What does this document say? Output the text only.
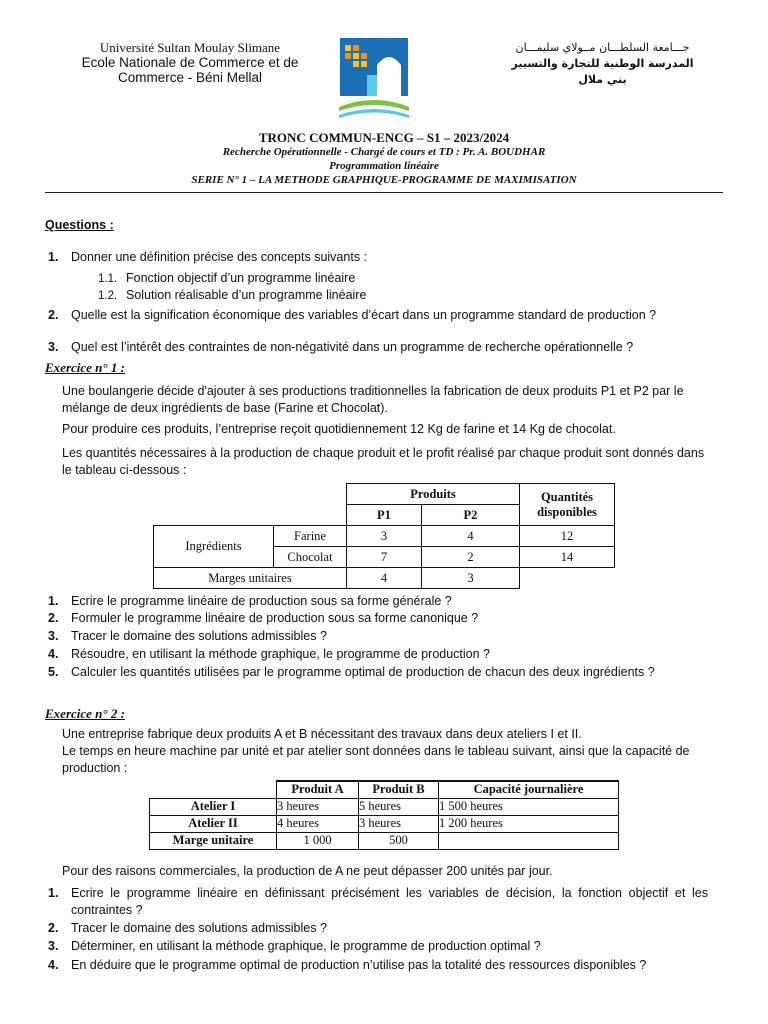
Université Sultan Moulay Slimane
Ecole Nationale de Commerce et de
Commerce - Béni Mellal
جـــامعة السلطـــان مــولاي سليمـــان
المدرسة الوطنية للتجارة والتسيير
بني ملال
TRONC COMMUN-ENCG – S1 – 2023/2024
Recherche Opérationnelle - Chargé de cours et TD : Pr. A. BOUDHAR
Programmation linéaire
SERIE N° 1 – LA METHODE GRAPHIQUE-PROGRAMME DE MAXIMISATION
Questions :
1. Donner une définition précise des concepts suivants :
1.1. Fonction objectif d’un programme linéaire
1.2. Solution réalisable d’un programme linéaire
2. Quelle est la signification économique des variables d’écart dans un programme standard de production ?
3. Quel est l’intérêt des contraintes de non-négativité dans un programme de recherche opérationnelle ?
Exercice n° 1 :
Une boulangerie décide d'ajouter à ses productions traditionnelles la fabrication de deux produits P1 et P2 par le mélange de deux ingrédients de base (Farine et Chocolat).
Pour produire ces produits, l’entreprise reçoit quotidiennement 12 Kg de farine et 14 Kg de chocolat.
Les quantités nécessaires à la production de chaque produit et le profit réalisé par chaque produit sont donnés dans le tableau ci-dessous :
		Produits		Quantités disponibles
		P1	P2	
Ingrédients	Farine	3	4	12
	Chocolat	7	2	14
Marges unitaires		4	3	
1. Ecrire le programme linéaire de production sous sa forme générale ?
2. Formuler le programme linéaire de production sous sa forme canonique ?
3. Tracer le domaine des solutions admissibles ?
4. Résoudre, en utilisant la méthode graphique, le programme de production ?
5. Calculer les quantités utilisées par le programme optimal de production de chacun des deux ingrédients ?
Exercice n° 2 :
Une entreprise fabrique deux produits A et B nécessitant des travaux dans deux ateliers I et II.
Le temps en heure machine par unité et par atelier sont données dans le tableau suivant, ainsi que la capacité de production :
	Produit A	Produit B	Capacité journalière
Atelier I	3 heures	5 heures	1 500 heures
Atelier II	4 heures	3 heures	1 200 heures
Marge unitaire	1 000	500	
Pour des raisons commerciales, la production de A ne peut dépasser 200 unités par jour.
1. Ecrire le programme linéaire en définissant précisément les variables de décision, la fonction objectif et les contraintes ?
2. Tracer le domaine des solutions admissibles ?
3. Déterminer, en utilisant la méthode graphique, le programme de production optimal ?
4. En déduire que le programme optimal de production n’utilise pas la totalité des ressources disponibles ?
